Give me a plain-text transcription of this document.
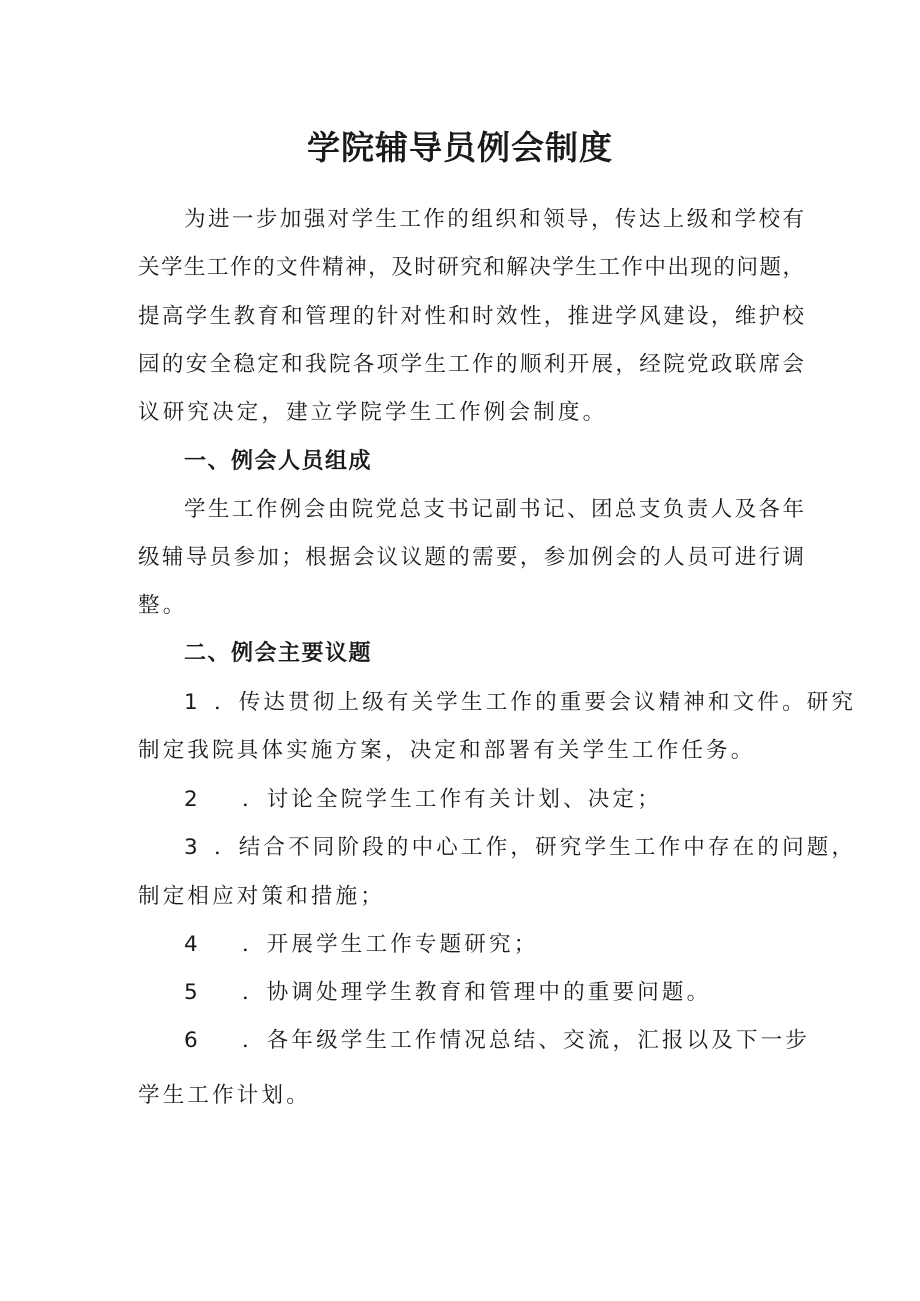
学院辅导员例会制度

为进一步加强对学生工作的组织和领导，传达上级和学校有

关学生工作的文件精神，及时研究和解决学生工作中出现的问题，

提高学生教育和管理的针对性和时效性，推进学风建设，维护校

园的安全稳定和我院各项学生工作的顺利开展，经院党政联席会

议研究决定，建立学院学生工作例会制度。

一、例会人员组成

学生工作例会由院党总支书记副书记、团总支负责人及各年

级辅导员参加；根据会议议题的需要，参加例会的人员可进行调

整。

二、例会主要议题

1 ．传达贯彻上级有关学生工作的重要会议精神和文件。研究

制定我院具体实施方案，决定和部署有关学生工作任务。

2 ．讨论全院学生工作有关计划、决定；

3 ．结合不同阶段的中心工作，研究学生工作中存在的问题，

制定相应对策和措施；

4 ．开展学生工作专题研究；

5 ．协调处理学生教育和管理中的重要问题。

6 ．各年级学生工作情况总结、交流，汇报以及下一步

学生工作计划。
